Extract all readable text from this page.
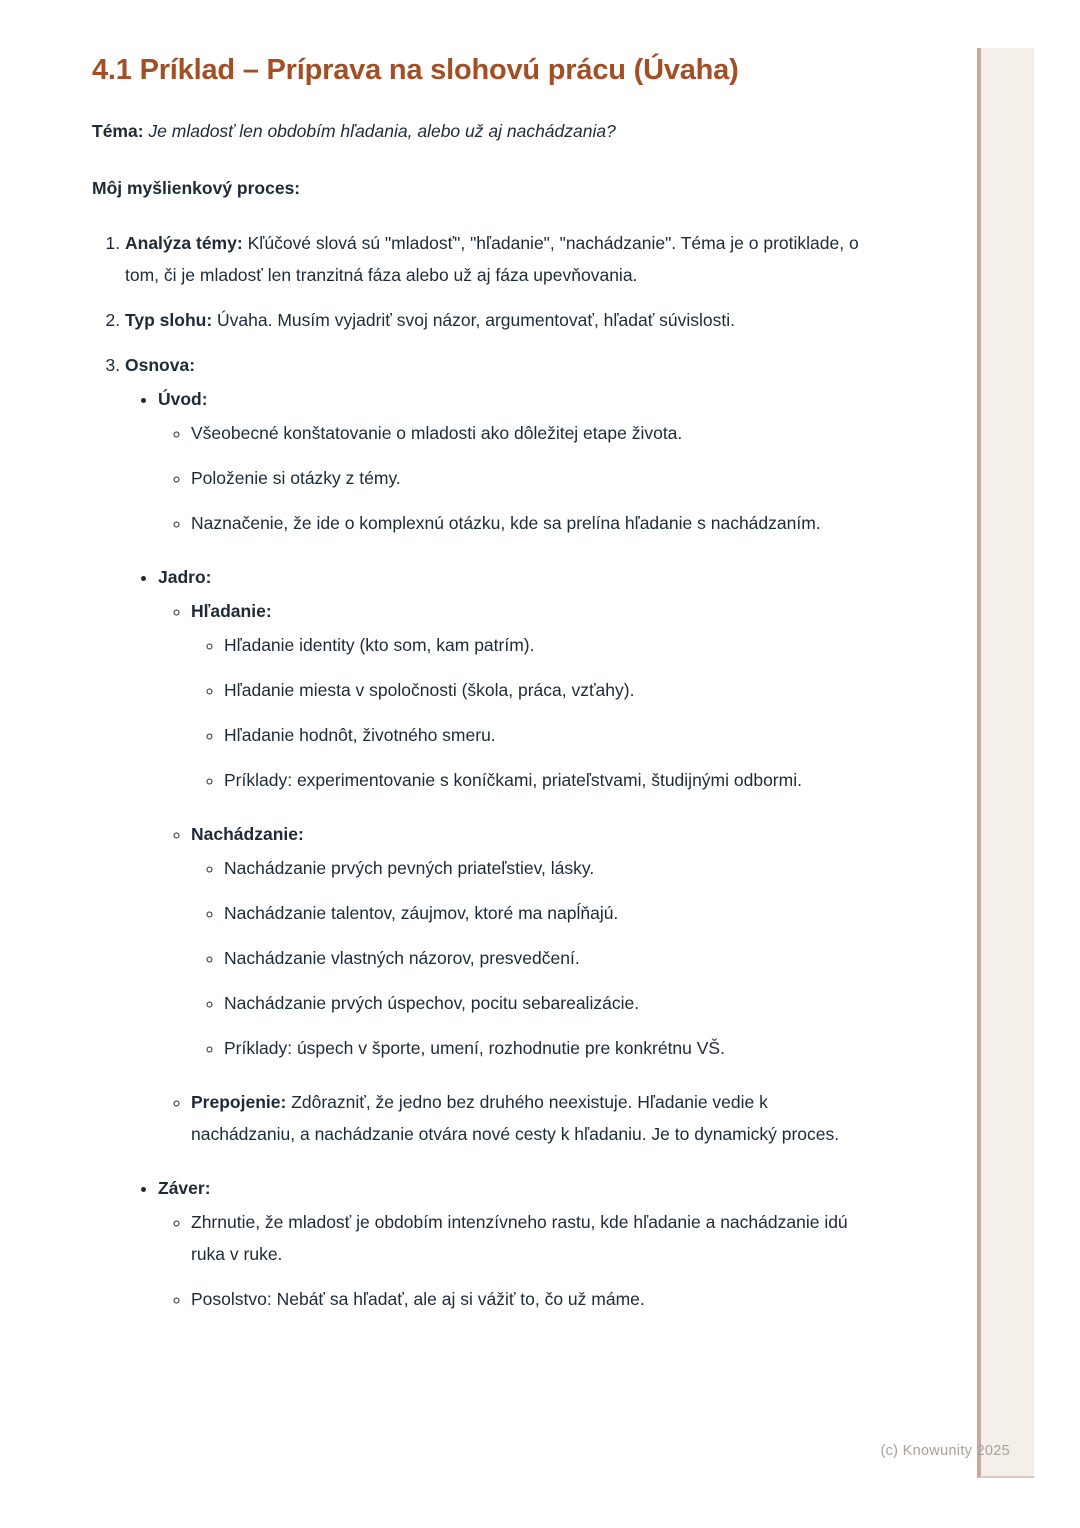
4.1 Príklad – Príprava na slohovú prácu (Úvaha)

Téma: Je mladosť len obdobím hľadania, alebo už aj nachádzania?

Môj myšlienkový proces:

1. Analýza témy: Kľúčové slová sú "mladosť", "hľadanie", "nachádzanie". Téma je o protiklade, o tom, či je mladosť len tranzitná fáza alebo už aj fáza upevňovania.

2. Typ slohu: Úvaha. Musím vyjadriť svoj názor, argumentovať, hľadať súvislosti.

3. Osnova:

• Úvod:

◦ Všeobecné konštatovanie o mladosti ako dôležitej etape života.

◦ Položenie si otázky z témy.

◦ Naznačenie, že ide o komplexnú otázku, kde sa prelína hľadanie s nachádzaním.

• Jadro:

◦ Hľadanie:

◦ Hľadanie identity (kto som, kam patrím).

◦ Hľadanie miesta v spoločnosti (škola, práca, vzťahy).

◦ Hľadanie hodnôt, životného smeru.

◦ Príklady: experimentovanie s koníčkami, priateľstvami, študijnými odbormi.

◦ Nachádzanie:

◦ Nachádzanie prvých pevných priateľstiev, lásky.

◦ Nachádzanie talentov, záujmov, ktoré ma napĺňajú.

◦ Nachádzanie vlastných názorov, presvedčení.

◦ Nachádzanie prvých úspechov, pocitu sebarealizácie.

◦ Príklady: úspech v športe, umení, rozhodnutie pre konkrétnu VŠ.

◦ Prepojenie: Zdôrazniť, že jedno bez druhého neexistuje. Hľadanie vedie k nachádzaniu, a nachádzanie otvára nové cesty k hľadaniu. Je to dynamický proces.

• Záver:

◦ Zhrnutie, že mladosť je obdobím intenzívneho rastu, kde hľadanie a nachádzanie idú ruka v ruke.

◦ Posolstvo: Nebáť sa hľadať, ale aj si vážiť to, čo už máme.

(c) Knowunity 2025
